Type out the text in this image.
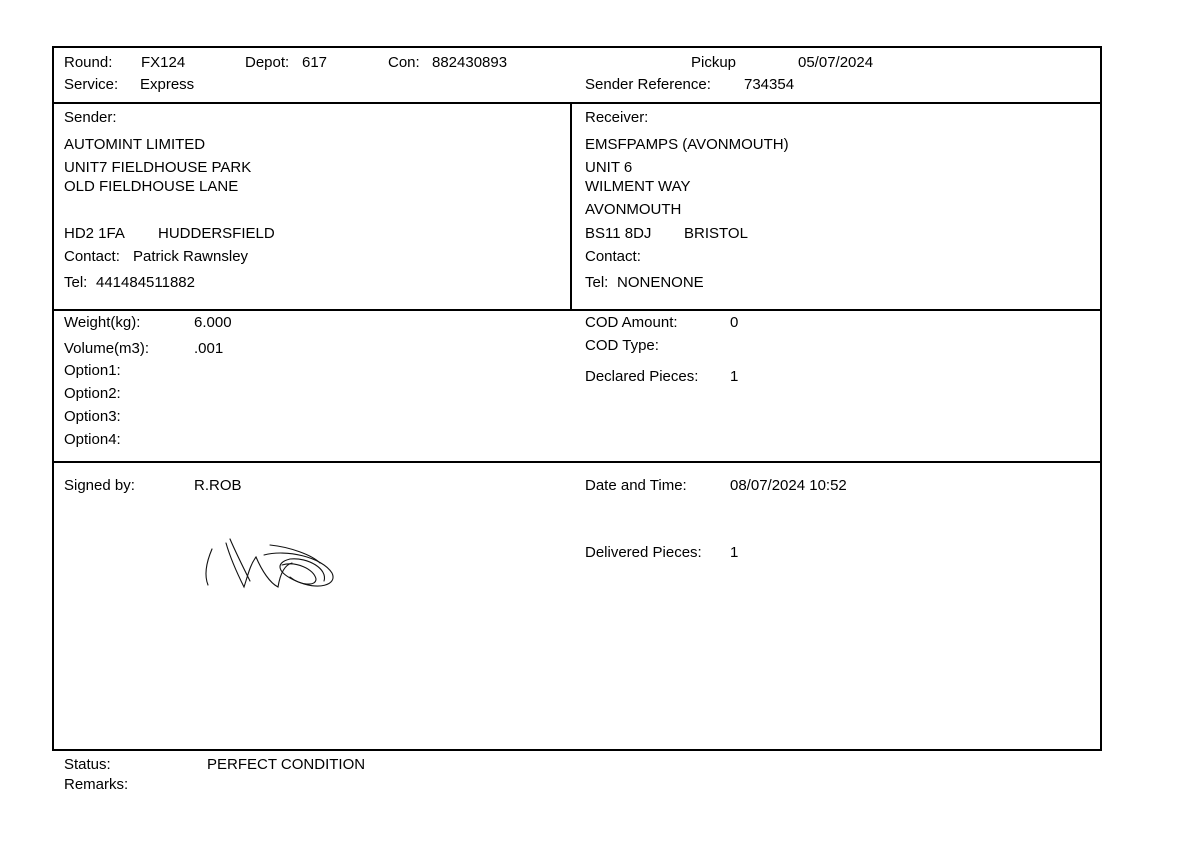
Round: FX124	Depot: 617	Con: 882430893
Service: Express
Pickup	05/07/2024
Sender Reference: 734354
Sender:
AUTOMINT LIMITED
UNIT7 FIELDHOUSE PARK
OLD FIELDHOUSE LANE
HD2 1FA HUDDERSFIELD
Contact: Patrick Rawnsley
Tel: 441484511882
Receiver:
EMSFPAMPS (AVONMOUTH)
UNIT 6
WILMENT WAY
AVONMOUTH
BS11 8DJ BRISTOL
Contact:
Tel: NONENONE
Weight(kg):	6.000
Volume(m3):	.001
Option1:
Option2:
Option3:
Option4:
COD Amount:	0
COD Type:
Declared Pieces: 1
Signed by:	R.ROB	Date and Time:	08/07/2024 10:52
Delivered Pieces: 1
Status:	PERFECT CONDITION
Remarks:
